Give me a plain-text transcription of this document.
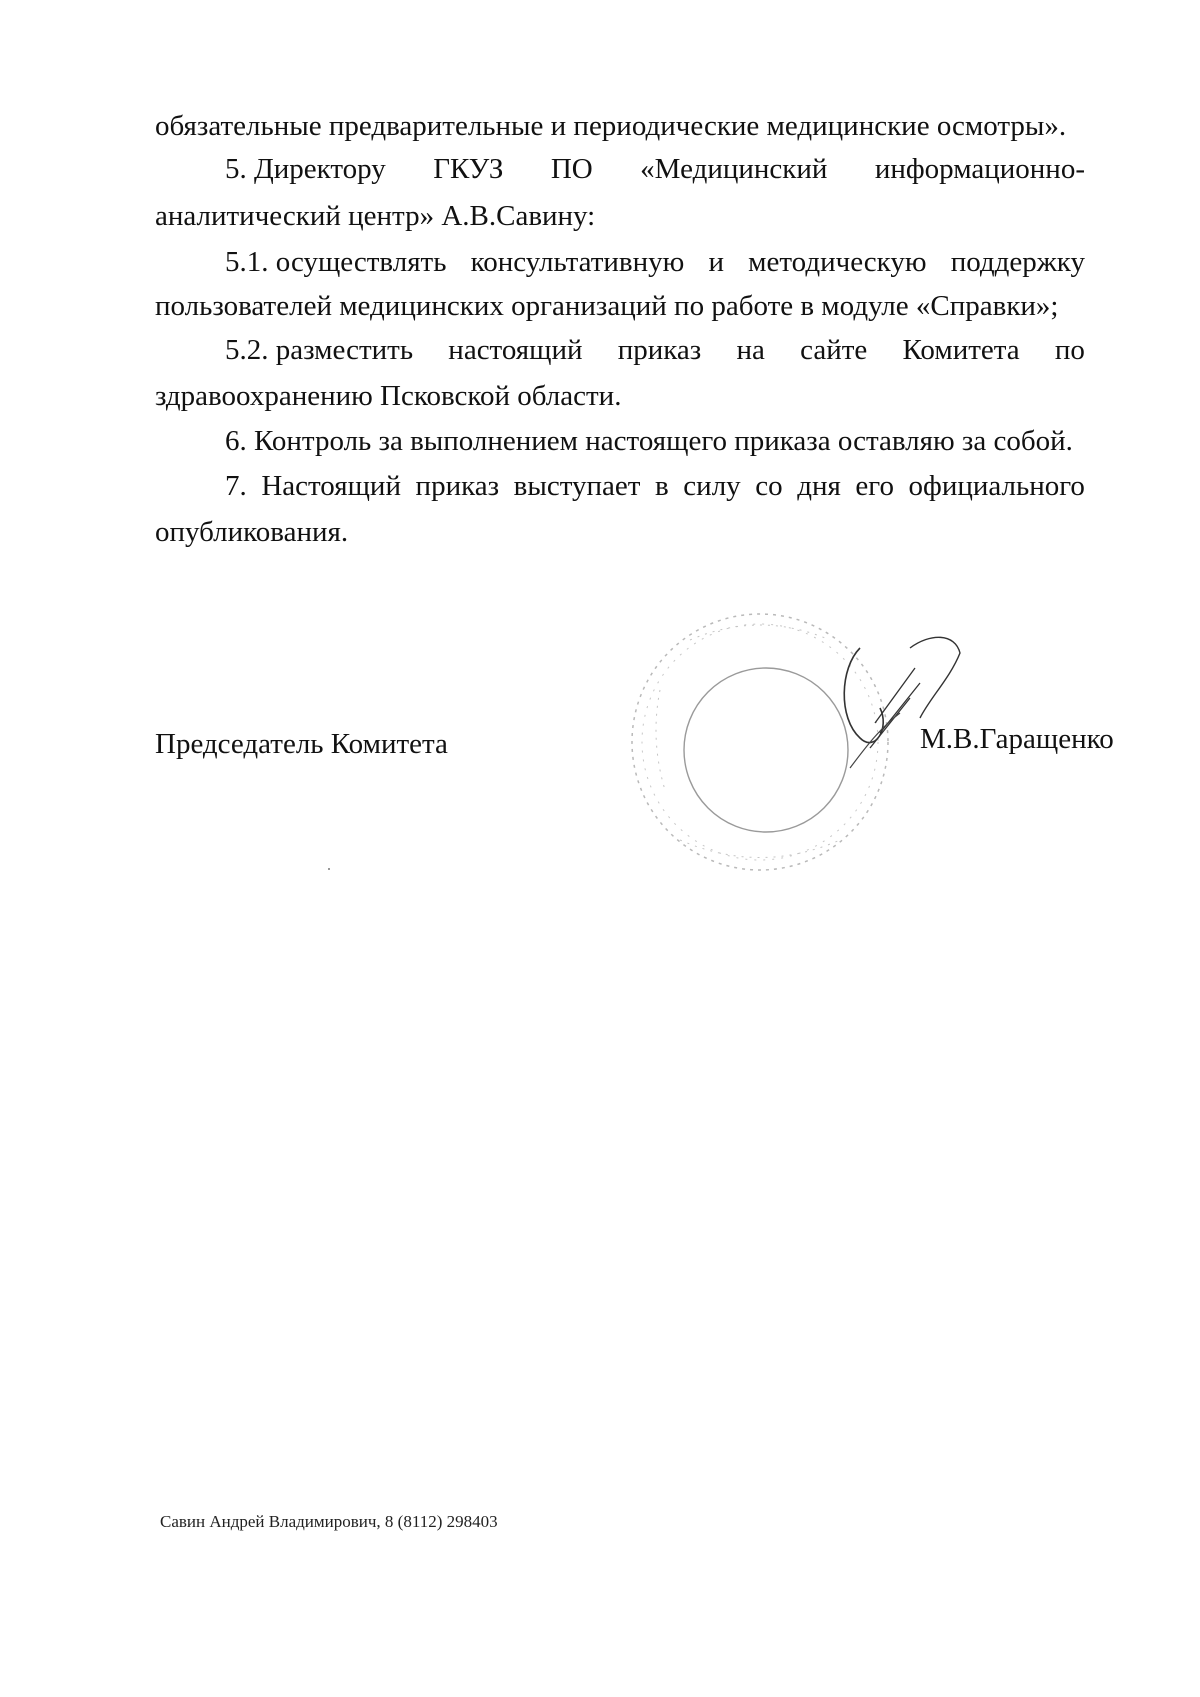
обязательные предварительные и периодические медицинские осмотры».
5. Директору ГКУЗ ПО «Медицинский информационно-
аналитический центр» А.В.Савину:
5.1. осуществлять консультативную и методическую поддержку
пользователей медицинских организаций по работе в модуле «Справки»;
5.2. разместить настоящий приказ на сайте Комитета по
здравоохранению Псковской области.
6. Контроль за выполнением настоящего приказа оставляю за собой.
7. Настоящий приказ выступает в силу со дня его официального
опубликования.
Председатель Комитета	М.В.Гаращенко
Савин Андрей Владимирович, 8 (8112) 298403
